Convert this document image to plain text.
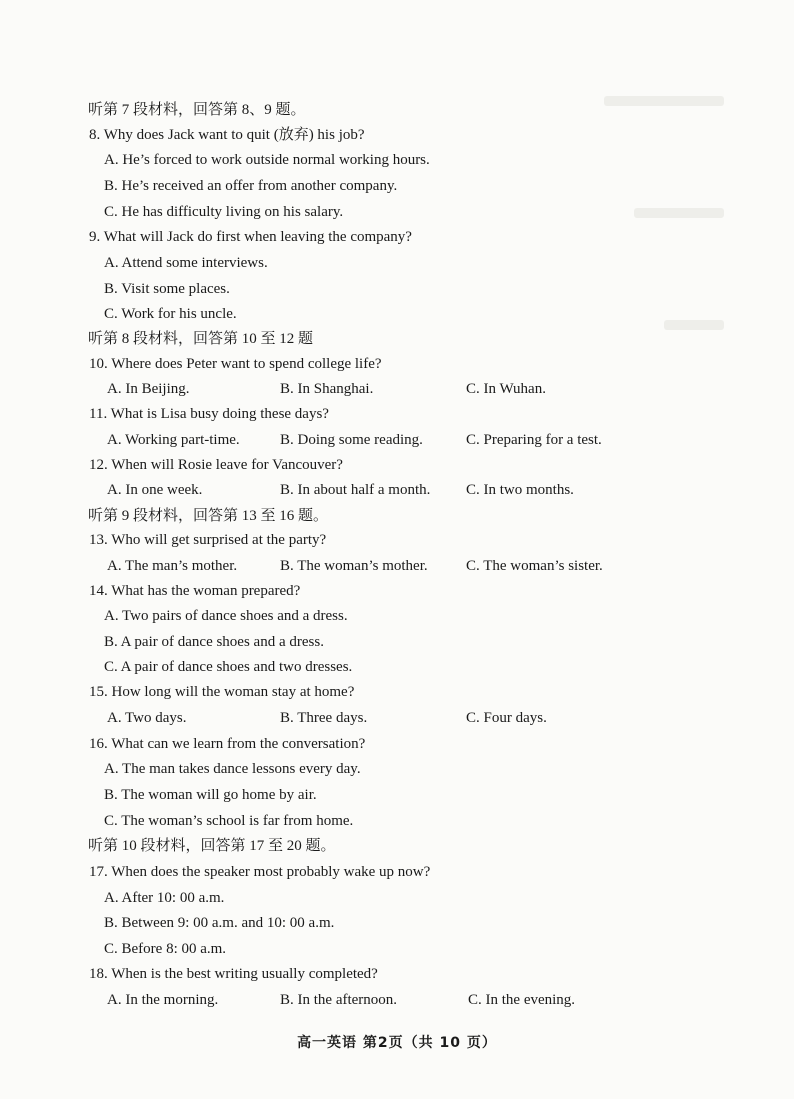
听第 7 段材料，回答第 8、9 题。
8. Why does Jack want to quit (放弃) his job?
A. He’s forced to work outside normal working hours.
B. He’s received an offer from another company.
C. He has difficulty living on his salary.
9. What will Jack do first when leaving the company?
A. Attend some interviews.
B. Visit some places.
C. Work for his uncle.
听第 8 段材料，回答第 10 至 12 题
10. Where does Peter want to spend college life?
A. In Beijing.	B. In Shanghai.	C. In Wuhan.
11. What is Lisa busy doing these days?
A. Working part-time.	B. Doing some reading.	C. Preparing for a test.
12. When will Rosie leave for Vancouver?
A. In one week.	B. In about half a month. C. In two months.
听第 9 段材料，回答第 13 至 16 题。
13. Who will get surprised at the party?
A. The man’s mother.	B. The woman’s mother.	C. The woman’s sister.
14. What has the woman prepared?
A. Two pairs of dance shoes and a dress.
B. A pair of dance shoes and a dress.
C. A pair of dance shoes and two dresses.
15. How long will the woman stay at home?
A. Two days.	B. Three days.	C. Four days.
16. What can we learn from the conversation?
A. The man takes dance lessons every day.
B. The woman will go home by air.
C. The woman’s school is far from home.
听第 10 段材料，回答第 17 至 20 题。
17. When does the speaker most probably wake up now?
A. After 10: 00 a.m.
B. Between 9: 00 a.m. and 10: 00 a.m.
C. Before 8: 00 a.m.
18. When is the best writing usually completed?
A. In the morning.	B. In the afternoon.	C. In the evening.
高一英语 第2页（共 10 页）
